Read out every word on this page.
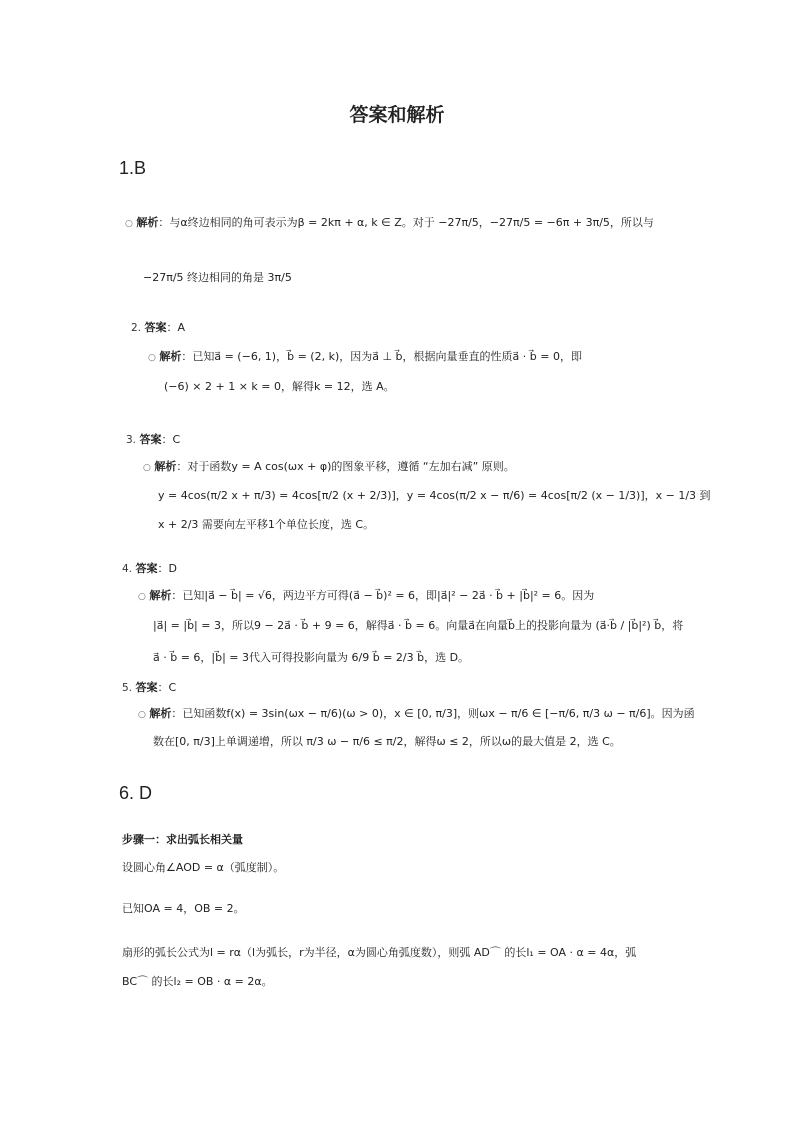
答案和解析
1.B
○ 解析：与α终边相同的角可表示为β = 2kπ + α, k ∈ Z。对于 −27π/5，−27π/5 = −6π + 3π/5，所以与
−27π/5 终边相同的角是 3π/5
2. 答案：A
○ 解析：已知a⃗ = (−6, 1)，b⃗ = (2, k)，因为a⃗ ⊥ b⃗，根据向量垂直的性质a⃗ · b⃗ = 0，即
(−6) × 2 + 1 × k = 0，解得k = 12，选 A。
3. 答案：C
○ 解析：对于函数y = A cos(ωx + φ)的图象平移，遵循 “左加右减” 原则。
y = 4cos(π/2 x + π/3) = 4cos[π/2 (x + 2/3)]，y = 4cos(π/2 x − π/6) = 4cos[π/2 (x − 1/3)]，x − 1/3 到
x + 2/3 需要向左平移1个单位长度，选 C。
4. 答案：D
○ 解析：已知|a⃗ − b⃗| = √6，两边平方可得(a⃗ − b⃗)² = 6，即|a⃗|² − 2a⃗ · b⃗ + |b⃗|² = 6。因为
|a⃗| = |b⃗| = 3，所以9 − 2a⃗ · b⃗ + 9 = 6，解得a⃗ · b⃗ = 6。向量a⃗在向量b⃗上的投影向量为 (a⃗·b⃗ / |b⃗|²) b⃗，将
a⃗ · b⃗ = 6，|b⃗| = 3代入可得投影向量为 6/9 b⃗ = 2/3 b⃗，选 D。
5. 答案：C
○ 解析：已知函数f(x) = 3sin(ωx − π/6)(ω > 0)，x ∈ [0, π/3]，则ωx − π/6 ∈ [−π/6, π/3 ω − π/6]。因为函
数在[0, π/3]上单调递增，所以 π/3 ω − π/6 ≤ π/2，解得ω ≤ 2，所以ω的最大值是 2，选 C。
6. D
步骤一：求出弧长相关量
设圆心角∠AOD = α（弧度制）。
已知OA = 4，OB = 2。
扇形的弧长公式为l = rα（l为弧长，r为半径，α为圆心角弧度数），则弧 AD⌒ 的长l₁ = OA · α = 4α，弧
BC⌒ 的长l₂ = OB · α = 2α。
